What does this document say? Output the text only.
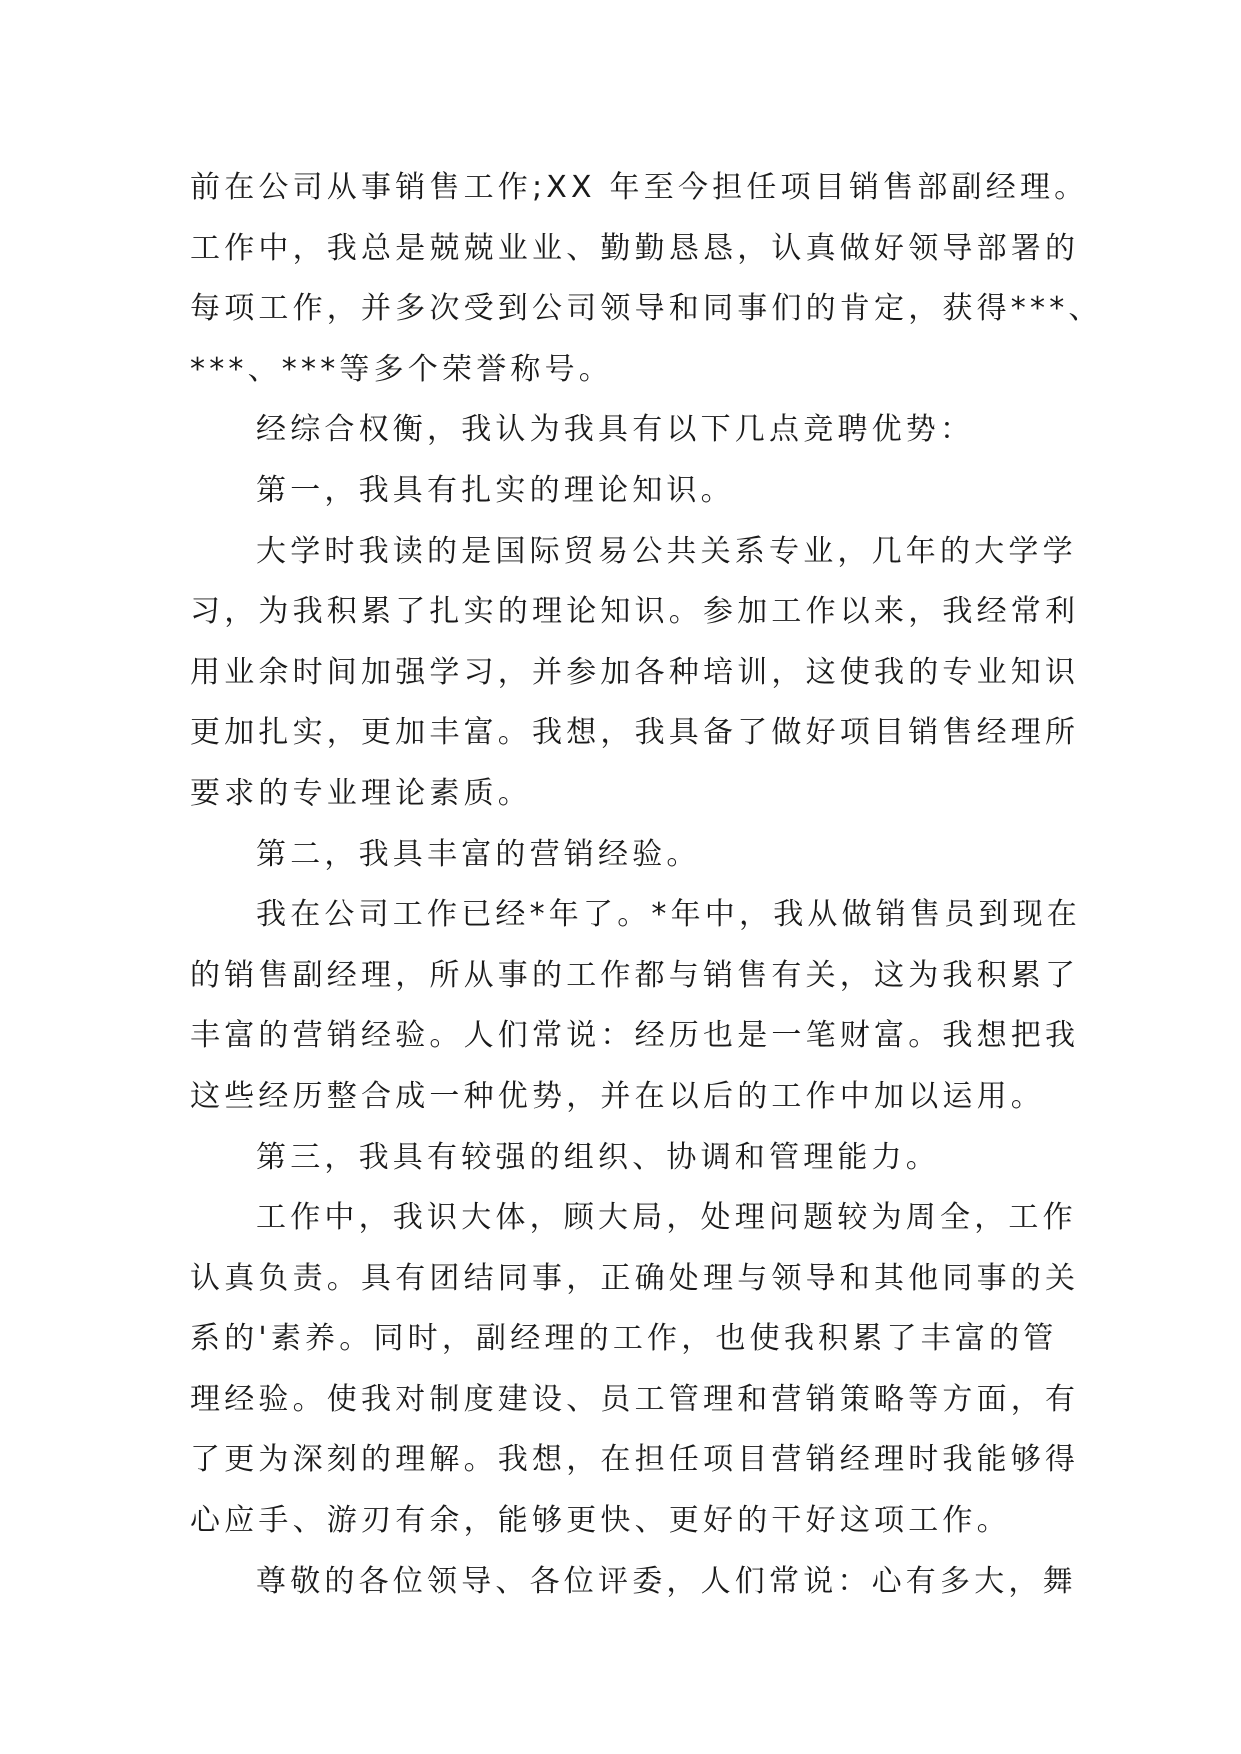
前在公司从事销售工作;XX 年至今担任项目销售部副经理。
工作中，我总是兢兢业业、勤勤恳恳，认真做好领导部署的
每项工作，并多次受到公司领导和同事们的肯定，获得***、
***、***等多个荣誉称号。
经综合权衡，我认为我具有以下几点竞聘优势：
第一，我具有扎实的理论知识。
大学时我读的是国际贸易公共关系专业，几年的大学学
习，为我积累了扎实的理论知识。参加工作以来，我经常利
用业余时间加强学习，并参加各种培训，这使我的专业知识
更加扎实，更加丰富。我想，我具备了做好项目销售经理所
要求的专业理论素质。
第二，我具丰富的营销经验。
我在公司工作已经*年了。*年中，我从做销售员到现在
的销售副经理，所从事的工作都与销售有关，这为我积累了
丰富的营销经验。人们常说：经历也是一笔财富。我想把我
这些经历整合成一种优势，并在以后的工作中加以运用。
第三，我具有较强的组织、协调和管理能力。
工作中，我识大体，顾大局，处理问题较为周全，工作
认真负责。具有团结同事，正确处理与领导和其他同事的关
系的'素养。同时，副经理的工作，也使我积累了丰富的管
理经验。使我对制度建设、员工管理和营销策略等方面，有
了更为深刻的理解。我想，在担任项目营销经理时我能够得
心应手、游刃有余，能够更快、更好的干好这项工作。
尊敬的各位领导、各位评委，人们常说：心有多大，舞
